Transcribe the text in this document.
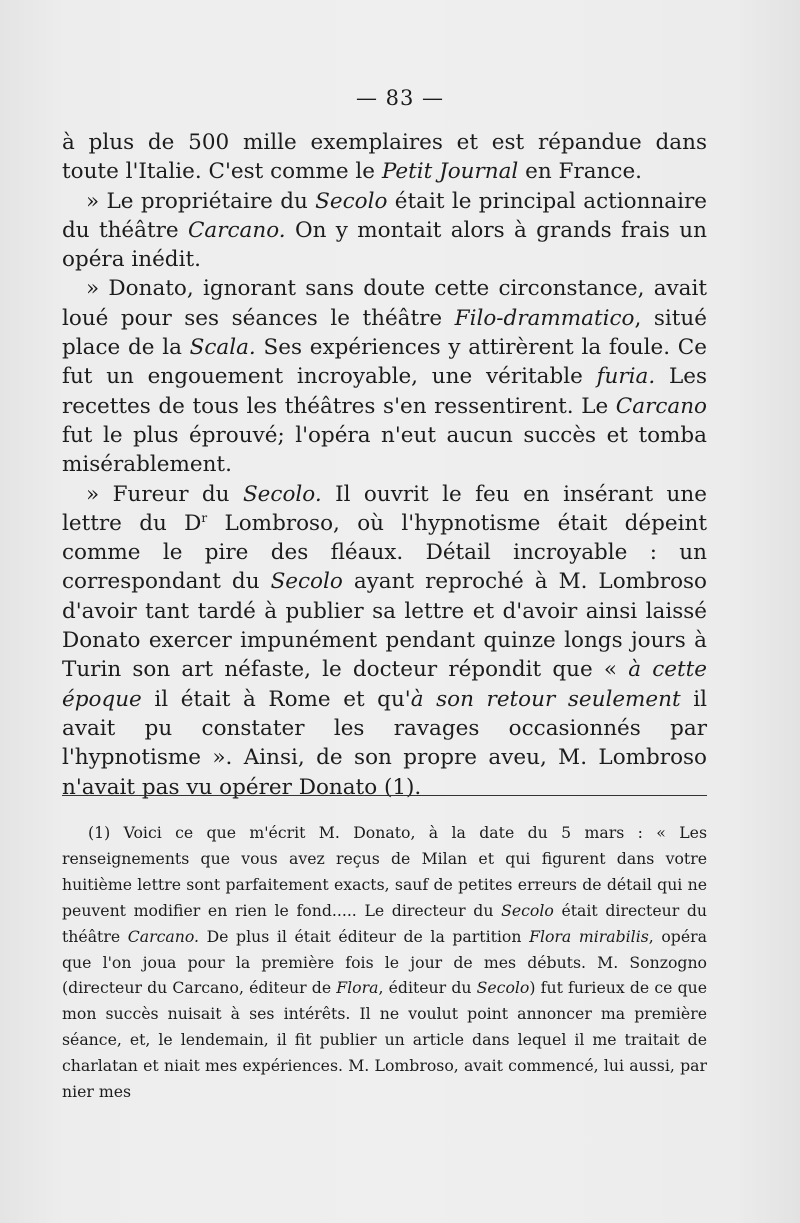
— 83 —

à plus de 500 mille exemplaires et est répandue dans toute l'Italie. C'est comme le Petit Journal en France.

» Le propriétaire du Secolo était le principal actionnaire du théâtre Carcano. On y montait alors à grands frais un opéra inédit.

» Donato, ignorant sans doute cette circonstance, avait loué pour ses séances le théâtre Filo-drammatico, situé place de la Scala. Ses expériences y attirèrent la foule. Ce fut un engouement incroyable, une véritable furia. Les recettes de tous les théâtres s'en ressentirent. Le Carcano fut le plus éprouvé; l'opéra n'eut aucun succès et tomba misérablement.

» Fureur du Secolo. Il ouvrit le feu en insérant une lettre du $D^r$ Lombroso, où l'hypnotisme était dépeint comme le pire des fléaux. Détail incroyable : un correspondant du Secolo ayant reproché à M. Lombroso d'avoir tant tardé à publier sa lettre et d'avoir ainsi laissé Donato exercer impunément pendant quinze longs jours à Turin son art néfaste, le docteur répondit que « à cette époque il était à Rome et qu'à son retour seulement il avait pu constater les ravages occasionnés par l'hypnotisme ». Ainsi, de son propre aveu, M. Lombroso n'avait pas vu opérer Donato (1).

(1) Voici ce que m'écrit M. Donato, à la date du 5 mars : « Les renseignements que vous avez reçus de Milan et qui figurent dans votre huitième lettre sont parfaitement exacts, sauf de petites erreurs de détail qui ne peuvent modifier en rien le fond..... Le directeur du Secolo était directeur du théâtre Carcano. De plus il était éditeur de la partition Flora mirabilis, opéra que l'on joua pour la première fois le jour de mes débuts. M. Sonzogno (directeur du Carcano, éditeur de Flora, éditeur du Secolo) fut furieux de ce que mon succès nuisait à ses intérêts. Il ne voulut point annoncer ma première séance, et, le lendemain, il fit publier un article dans lequel il me traitait de charlatan et niait mes expériences. M. Lombroso, avait commencé, lui aussi, par nier mes
